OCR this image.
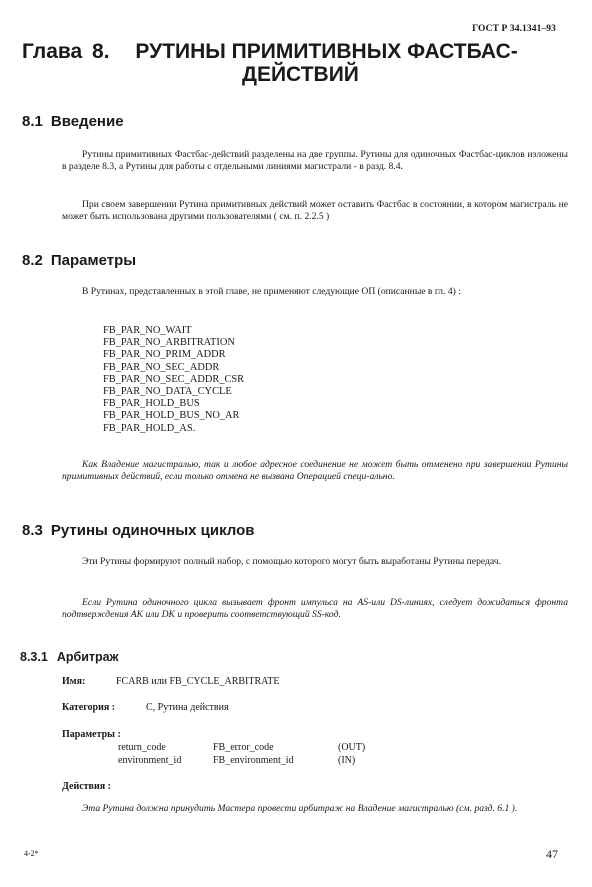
ГОСТ Р 34.1341–93
Глава 8. РУТИНЫ ПРИМИТИВНЫХ ФАСТБАС-
ДЕЙСТВИЙ
8.1 Введение

Рутины примитивных Фастбас-действий разделены на две группы. Рутины для одиночных Фастбас-циклов изложены в разделе 8.3, а Рутины для работы с отдельными линиями магистрали - в разд. 8.4.

При своем завершении Рутина примитивных действий может оставить Фастбас в состоянии, в котором магистраль не может быть использована другими пользователями ( см. п. 2.2.5 )

8.2 Параметры

В Рутинах, представленных в этой главе, не применяют следующие ОП (описанные в гл. 4) :

FB_PAR_NO_WAIT
FB_PAR_NO_ARBITRATION
FB_PAR_NO_PRIM_ADDR
FB_PAR_NO_SEC_ADDR
FB_PAR_NO_SEC_ADDR_CSR
FB_PAR_NO_DATA_CYCLE
FB_PAR_HOLD_BUS
FB_PAR_HOLD_BUS_NO_AR
FB_PAR_HOLD_AS.

Как Владение магистралью, так и любое адресное соединение не может быть отменено при завершении Рутины примитивных действий, если только отмена не вызвана Операцией специ-ально.

8.3 Рутины одиночных циклов

Эти Рутины формируют полный набор, с помощью которого могут быть выработаны Рутины передач.

Если Рутина одиночного цикла вызывает фронт импульса на AS-или DS-линиях, следует дожидаться фронта подтверждения AK или DK и проверить соответствующий SS-код.

8.3.1 Арбитраж
Имя:	FCARB или FB_CYCLE_ARBITRATE
Категория :	С, Рутина действия
Параметры :
return_code	FB_error_code	(OUT)
environment_id	FB_environment_id	(IN)
Действия :

Эта Рутина должна принудить Мастера провести арбитраж на Владение магистралью (см. разд. 6.1 ).

4-2*	47
